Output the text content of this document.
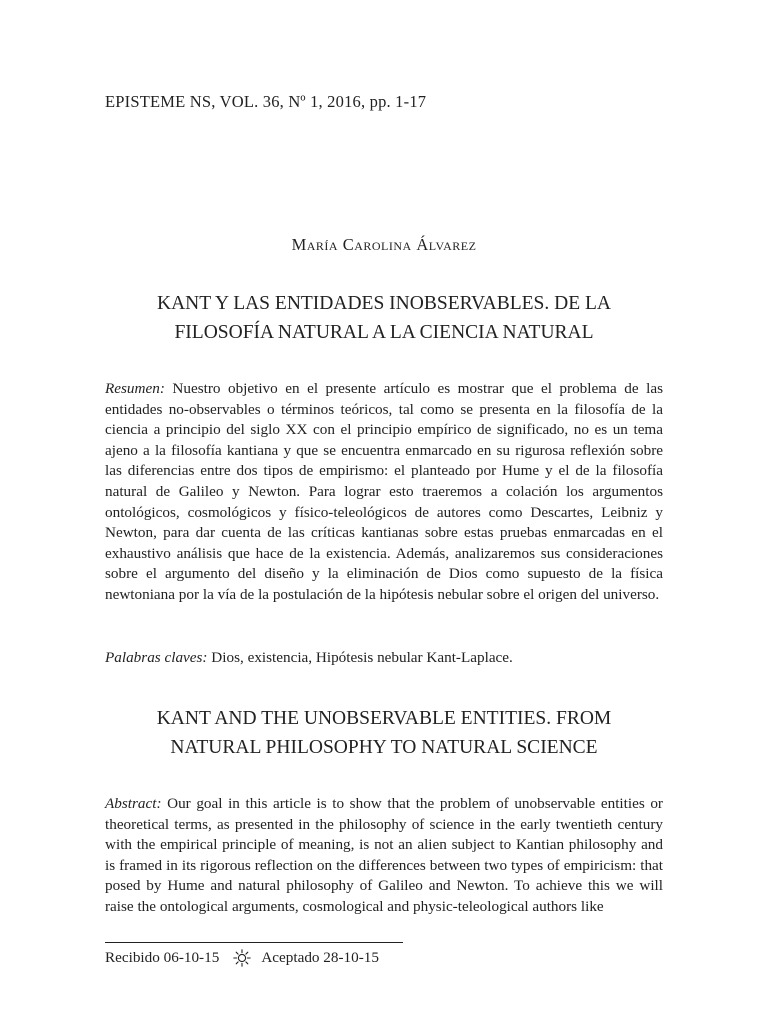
EPISTEME NS, VOL. 36, Nº 1, 2016, pp. 1-17
María Carolina Álvarez
KANT Y LAS ENTIDADES INOBSERVABLES. DE LA
FILOSOFÍA NATURAL A LA CIENCIA NATURAL
Resumen: Nuestro objetivo en el presente artículo es mostrar que el problema de las entidades no-observables o términos teóricos, tal como se presenta en la filosofía de la ciencia a principio del siglo XX con el principio empírico de significado, no es un tema ajeno a la filosofía kantiana y que se encuentra enmarcado en su rigurosa reflexión sobre las diferencias entre dos tipos de empirismo: el planteado por Hume y el de la filosofía natural de Galileo y Newton. Para lograr esto traeremos a colación los argumentos ontológicos, cosmológicos y físico-teleológicos de autores como Descartes, Leibniz y Newton, para dar cuenta de las críticas kantianas sobre estas pruebas enmarcadas en el exhaustivo análisis que hace de la existencia. Además, analizaremos sus consideraciones sobre el argumento del diseño y la eliminación de Dios como supuesto de la física newtoniana por la vía de la postulación de la hipótesis nebular sobre el origen del universo.
Palabras claves: Dios, existencia, Hipótesis nebular Kant-Laplace.
KANT AND THE UNOBSERVABLE ENTITIES. FROM
NATURAL PHILOSOPHY TO NATURAL SCIENCE
Abstract: Our goal in this article is to show that the problem of unobservable entities or theoretical terms, as presented in the philosophy of science in the early twentieth century with the empirical principle of meaning, is not an alien subject to Kantian philosophy and is framed in its rigorous reflection on the differences between two types of empiricism: that posed by Hume and natural philosophy of Galileo and Newton. To achieve this we will raise the ontological arguments, cosmological and physic-teleological authors like
Recibido 06-10-15	Aceptado 28-10-15
